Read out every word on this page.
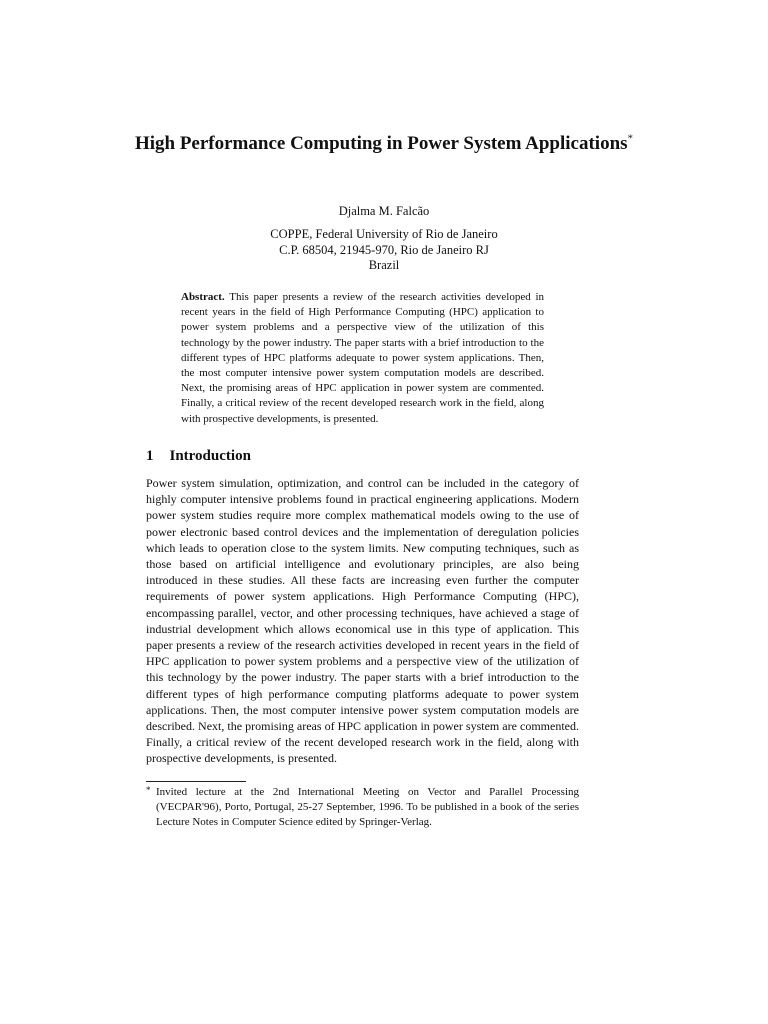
High Performance Computing in Power System Applications*
Djalma M. Falcão
COPPE, Federal University of Rio de Janeiro
C.P. 68504, 21945-970, Rio de Janeiro RJ
Brazil
Abstract. This paper presents a review of the research activities developed in recent years in the field of High Performance Computing (HPC) application to power system problems and a perspective view of the utilization of this technology by the power industry. The paper starts with a brief introduction to the different types of HPC platforms adequate to power system applications. Then, the most computer intensive power system computation models are described. Next, the promising areas of HPC application in power system are commented. Finally, a critical review of the recent developed research work in the field, along with prospective developments, is presented.
1 Introduction
Power system simulation, optimization, and control can be included in the category of highly computer intensive problems found in practical engineering applications. Modern power system studies require more complex mathematical models owing to the use of power electronic based control devices and the implementation of deregulation policies which leads to operation close to the system limits. New computing techniques, such as those based on artificial intelligence and evolutionary principles, are also being introduced in these studies. All these facts are increasing even further the computer requirements of power system applications. High Performance Computing (HPC), encompassing parallel, vector, and other processing techniques, have achieved a stage of industrial development which allows economical use in this type of application. This paper presents a review of the research activities developed in recent years in the field of HPC application to power system problems and a perspective view of the utilization of this technology by the power industry. The paper starts with a brief introduction to the different types of high performance computing platforms adequate to power system applications. Then, the most computer intensive power system computation models are described. Next, the promising areas of HPC application in power system are commented. Finally, a critical review of the recent developed research work in the field, along with prospective developments, is presented.
* Invited lecture at the 2nd International Meeting on Vector and Parallel Processing (VECPAR'96), Porto, Portugal, 25-27 September, 1996. To be published in a book of the series Lecture Notes in Computer Science edited by Springer-Verlag.
